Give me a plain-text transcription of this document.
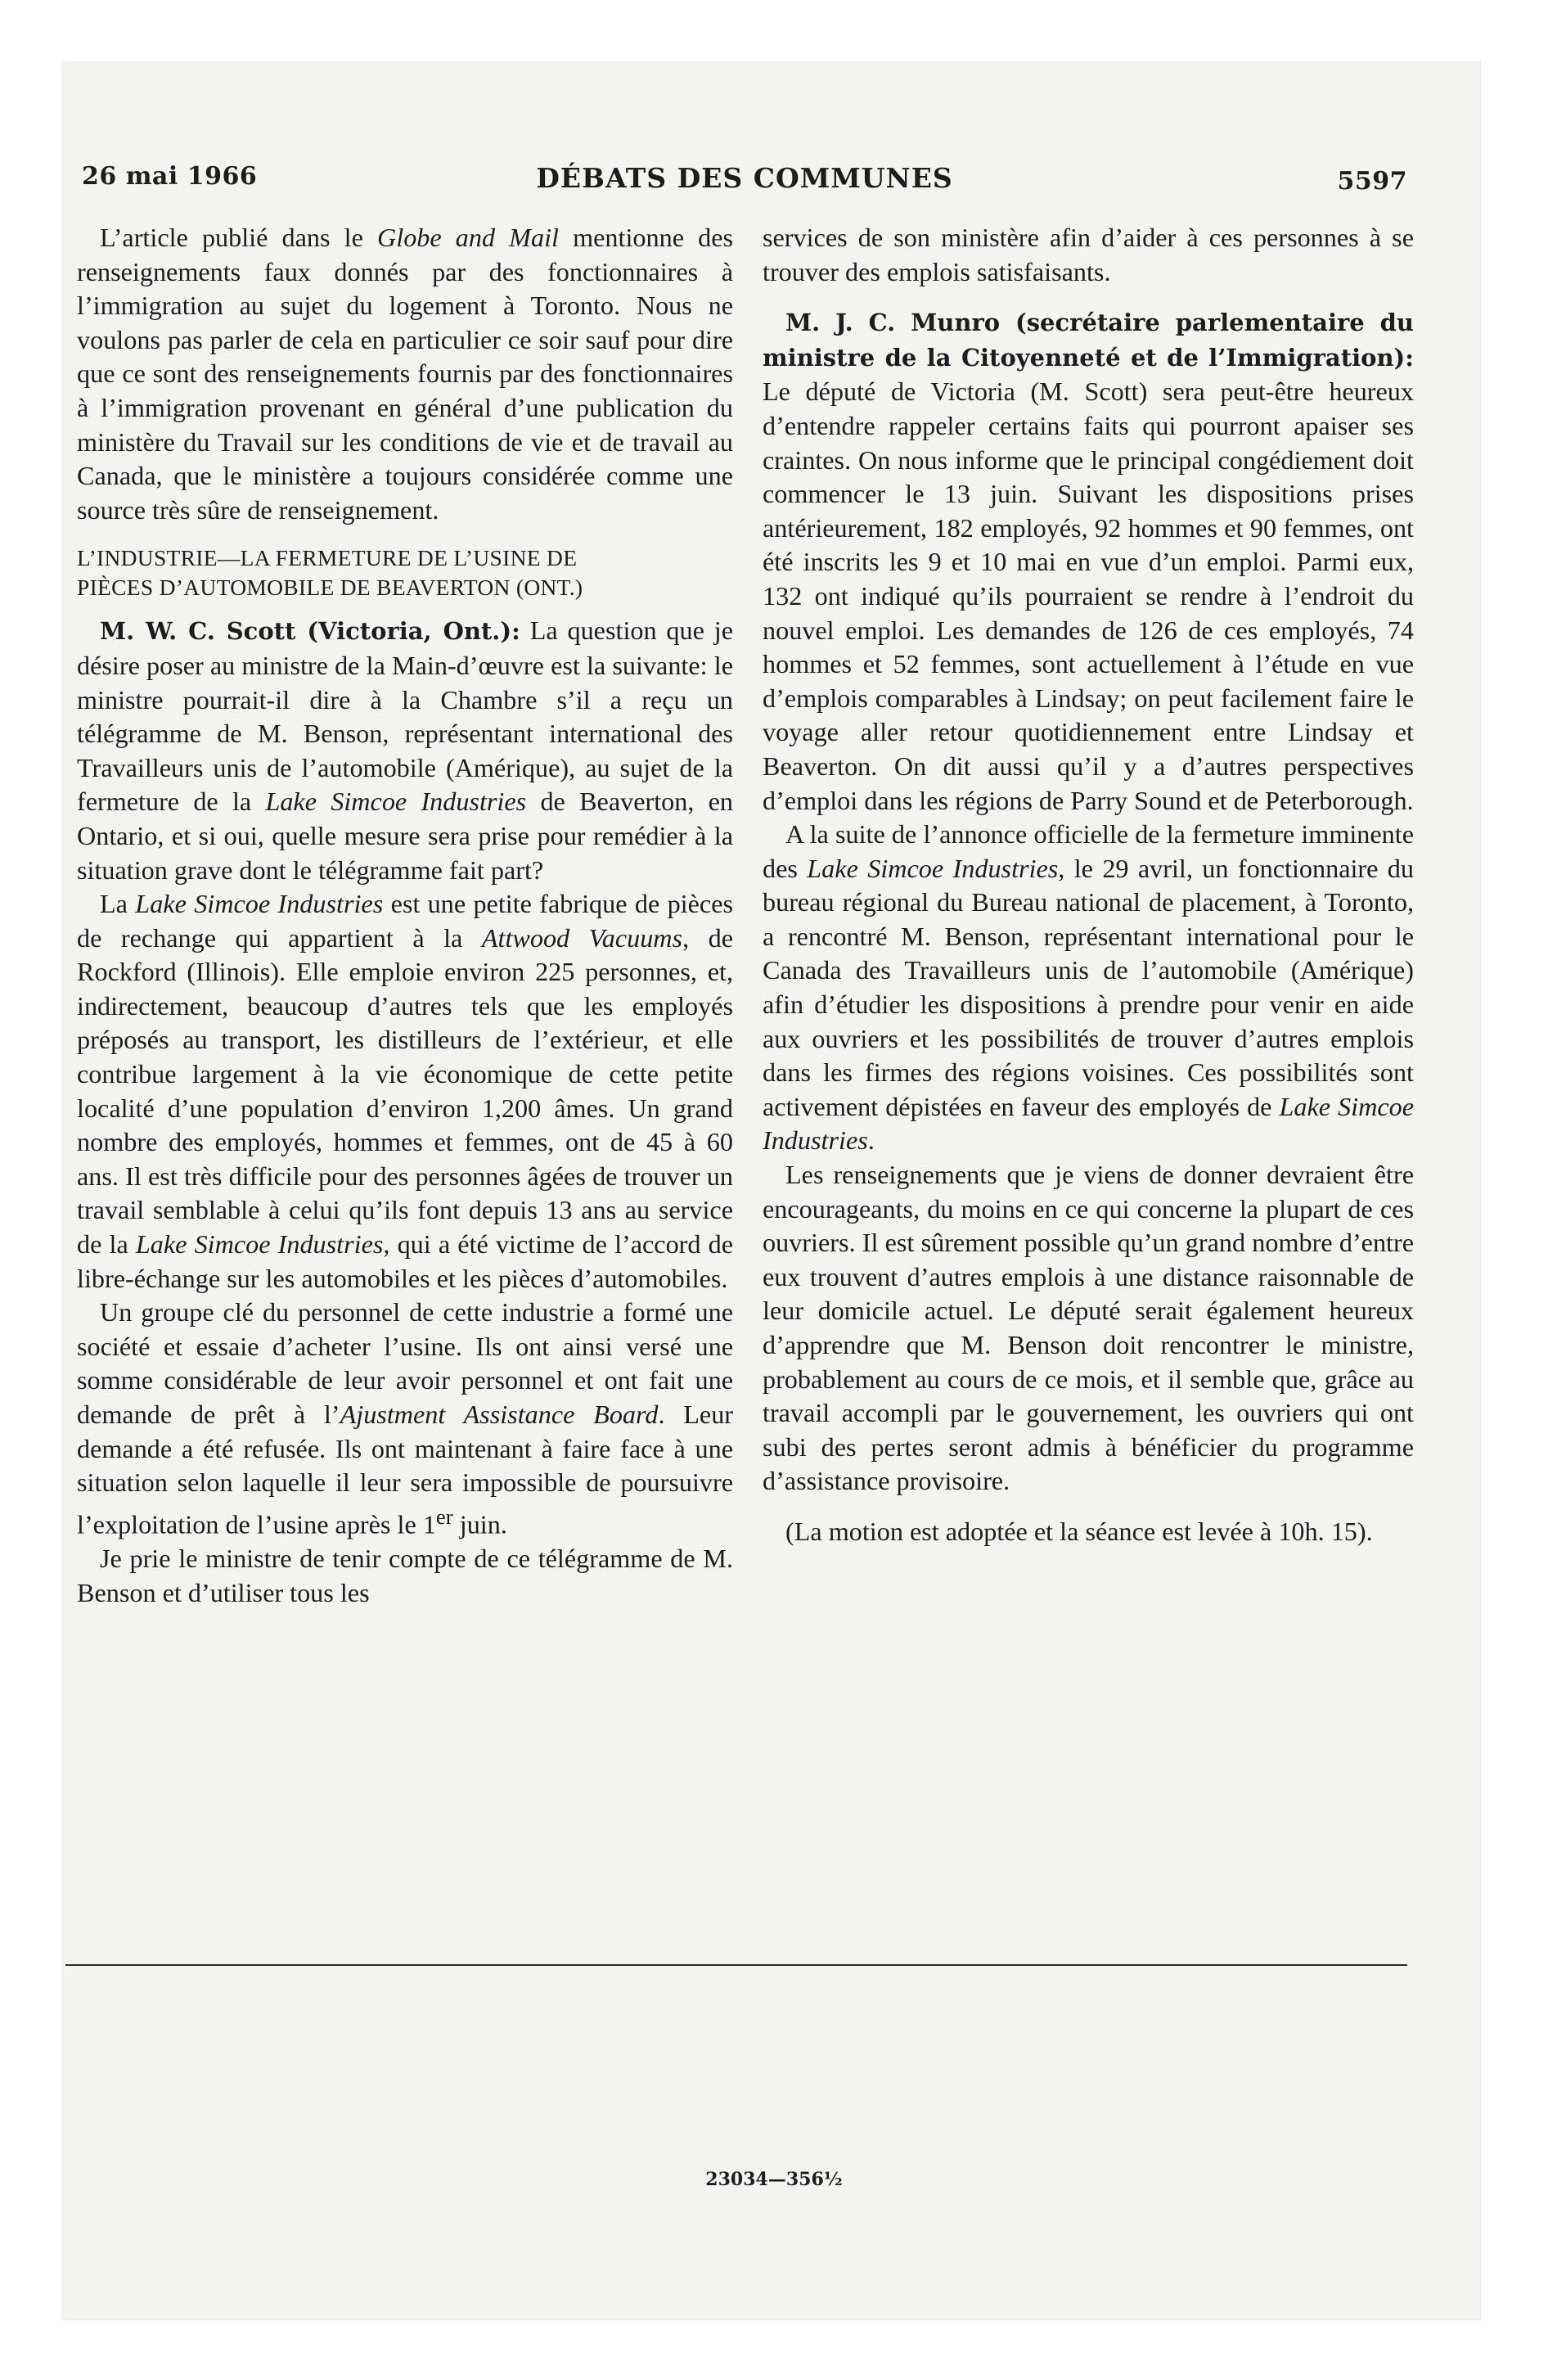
26 mai 1966	DÉBATS DES COMMUNES	5597

L’article publié dans le Globe and Mail mentionne des renseignements faux donnés par des fonctionnaires à l’immigration au sujet du logement à Toronto. Nous ne voulons pas parler de cela en particulier ce soir sauf pour dire que ce sont des renseignements fournis par des fonctionnaires à l’immigration provenant en général d’une publication du ministère du Travail sur les conditions de vie et de travail au Canada, que le ministère a toujours considérée comme une source très sûre de renseignement.

L’INDUSTRIE—LA FERMETURE DE L’USINE DE
PIÈCES D’AUTOMOBILE DE BEAVERTON (ONT.)

M. W. C. Scott (Victoria, Ont.): La question que je désire poser au ministre de la Main-d’œuvre est la suivante: le ministre pourrait-il dire à la Chambre s’il a reçu un télégramme de M. Benson, représentant international des Travailleurs unis de l’automobile (Amérique), au sujet de la fermeture de la Lake Simcoe Industries de Beaverton, en Ontario, et si oui, quelle mesure sera prise pour remédier à la situation grave dont le télégramme fait part?

La Lake Simcoe Industries est une petite fabrique de pièces de rechange qui appartient à la Attwood Vacuums, de Rockford (Illinois). Elle emploie environ 225 personnes, et, indirectement, beaucoup d’autres tels que les employés préposés au transport, les distilleurs de l’extérieur, et elle contribue largement à la vie économique de cette petite localité d’une population d’environ 1,200 âmes. Un grand nombre des employés, hommes et femmes, ont de 45 à 60 ans. Il est très difficile pour des personnes âgées de trouver un travail semblable à celui qu’ils font depuis 13 ans au service de la Lake Simcoe Industries, qui a été victime de l’accord de libre-échange sur les automobiles et les pièces d’automobiles.

Un groupe clé du personnel de cette industrie a formé une société et essaie d’acheter l’usine. Ils ont ainsi versé une somme considérable de leur avoir personnel et ont fait une demande de prêt à l’Ajustment Assistance Board. Leur demande a été refusée. Ils ont maintenant à faire face à une situation selon laquelle il leur sera impossible de poursuivre l’exploitation de l’usine après le 1er juin.

Je prie le ministre de tenir compte de ce télégramme de M. Benson et d’utiliser tous les

services de son ministère afin d’aider à ces personnes à se trouver des emplois satisfaisants.

M. J. C. Munro (secrétaire parlementaire du ministre de la Citoyenneté et de l’Immigration): Le député de Victoria (M. Scott) sera peut-être heureux d’entendre rappeler certains faits qui pourront apaiser ses craintes. On nous informe que le principal congédiement doit commencer le 13 juin. Suivant les dispositions prises antérieurement, 182 employés, 92 hommes et 90 femmes, ont été inscrits les 9 et 10 mai en vue d’un emploi. Parmi eux, 132 ont indiqué qu’ils pourraient se rendre à l’endroit du nouvel emploi. Les demandes de 126 de ces employés, 74 hommes et 52 femmes, sont actuellement à l’étude en vue d’emplois comparables à Lindsay; on peut facilement faire le voyage aller retour quotidiennement entre Lindsay et Beaverton. On dit aussi qu’il y a d’autres perspectives d’emploi dans les régions de Parry Sound et de Peterborough.

A la suite de l’annonce officielle de la fermeture imminente des Lake Simcoe Industries, le 29 avril, un fonctionnaire du bureau régional du Bureau national de placement, à Toronto, a rencontré M. Benson, représentant international pour le Canada des Travailleurs unis de l’automobile (Amérique) afin d’étudier les dispositions à prendre pour venir en aide aux ouvriers et les possibilités de trouver d’autres emplois dans les firmes des régions voisines. Ces possibilités sont activement dépistées en faveur des employés de Lake Simcoe Industries.

Les renseignements que je viens de donner devraient être encourageants, du moins en ce qui concerne la plupart de ces ouvriers. Il est sûrement possible qu’un grand nombre d’entre eux trouvent d’autres emplois à une distance raisonnable de leur domicile actuel. Le député serait également heureux d’apprendre que M. Benson doit rencontrer le ministre, probablement au cours de ce mois, et il semble que, grâce au travail accompli par le gouvernement, les ouvriers qui ont subi des pertes seront admis à bénéficier du programme d’assistance provisoire.

(La motion est adoptée et la séance est levée à 10h. 15).

23034—356½
